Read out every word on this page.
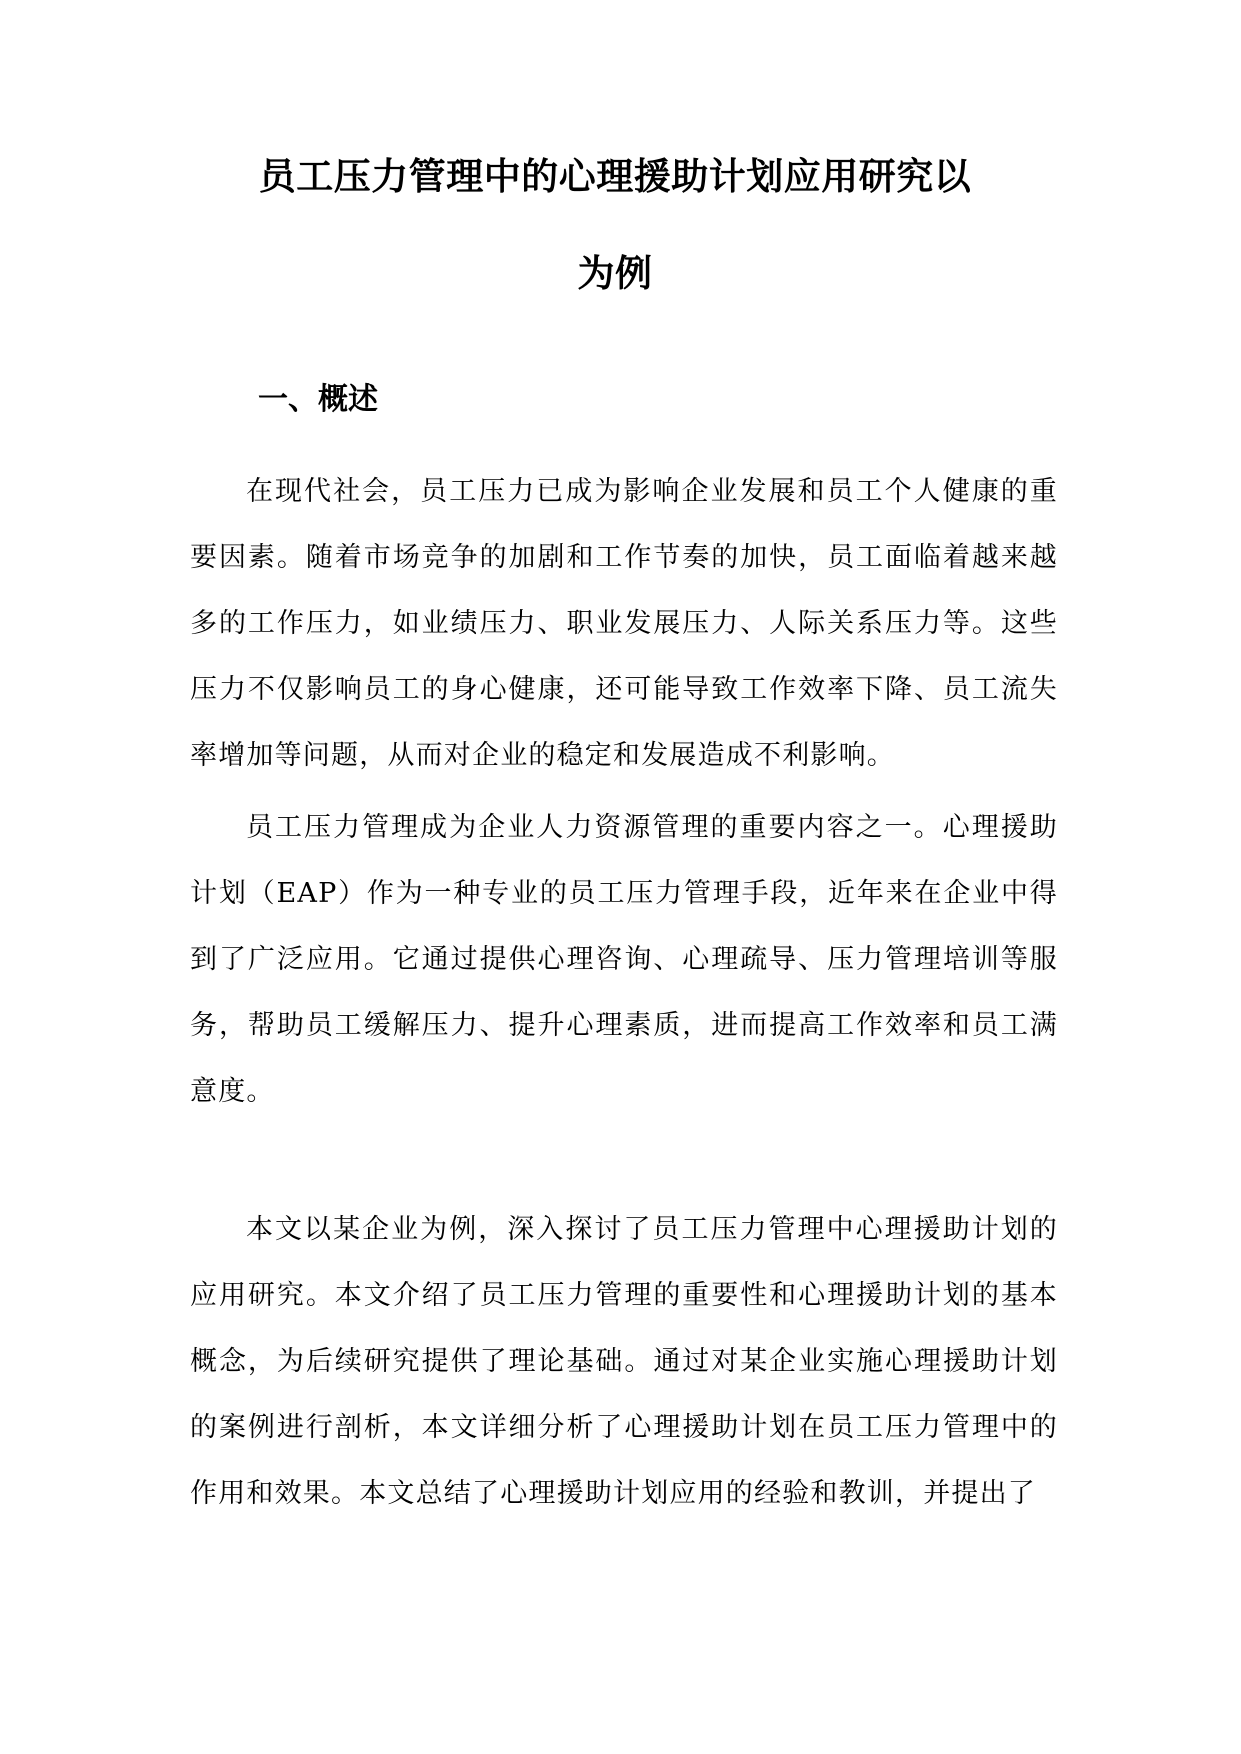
员工压力管理中的心理援助计划应用研究以
为例
一、概述

在现代社会，员工压力已成为影响企业发展和员工个人健康的重要因素。随着市场竞争的加剧和工作节奏的加快，员工面临着越来越多的工作压力，如业绩压力、职业发展压力、人际关系压力等。这些压力不仅影响员工的身心健康，还可能导致工作效率下降、员工流失率增加等问题，从而对企业的稳定和发展造成不利影响。

员工压力管理成为企业人力资源管理的重要内容之一。心理援助计划（EAP）作为一种专业的员工压力管理手段，近年来在企业中得到了广泛应用。它通过提供心理咨询、心理疏导、压力管理培训等服务，帮助员工缓解压力、提升心理素质，进而提高工作效率和员工满意度。

本文以某企业为例，深入探讨了员工压力管理中心理援助计划的应用研究。本文介绍了员工压力管理的重要性和心理援助计划的基本概念，为后续研究提供了理论基础。通过对某企业实施心理援助计划的案例进行剖析，本文详细分析了心理援助计划在员工压力管理中的作用和效果。本文总结了心理援助计划应用的经验和教训，并提出了
